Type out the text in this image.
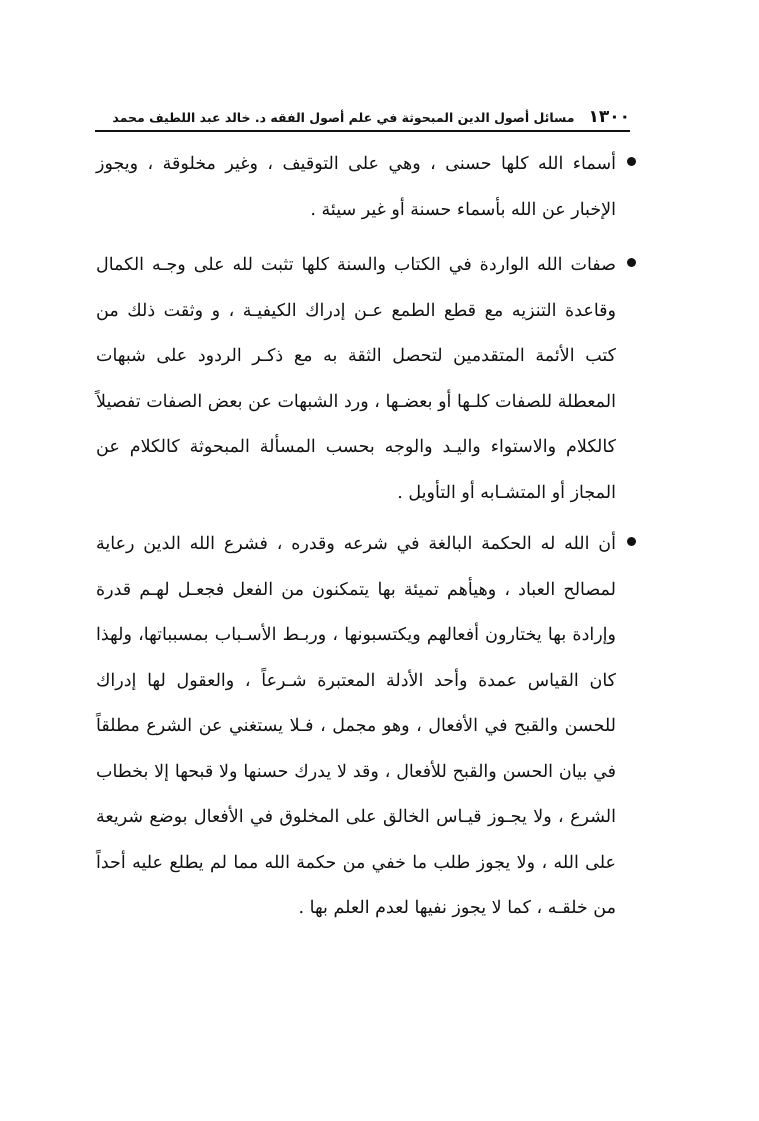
١٣٠٠
مسائل أصول الدين المبحوثة في علم أصول الفقه د. خالد عبد اللطيف محمد

أسماء الله كلها حسنى ، وهي على التوقيف ، وغير مخلوقة ، ويجوز الإخبار عن الله بأسماء حسنة أو غير سيئة .

صفات الله الواردة في الكتاب والسنة كلها تثبت لله على وجـه الكمال وقاعدة التنزيه مع قطع الطمع عـن إدراك الكيفيـة ، و وثقت ذلك من كتب الأئمة المتقدمين لتحصل الثقة به مع ذكـر الردود على شبهات المعطلة للصفات كلـها أو بعضـها ، ورد الشبهات عن بعض الصفات تفصيلاً كالكلام والاستواء واليـد والوجه بحسب المسألة المبحوثة كالكلام عن المجاز أو المتشـابه أو التأويل .

أن الله له الحكمة البالغة في شرعه وقدره ، فشرع الله الدين رعاية لمصالح العباد ، وهيأهم تميئة بها يتمكنون من الفعل فجعـل لهـم قدرة وإرادة بها يختارون أفعالهم ويكتسبونها ، وربـط الأسـباب بمسبباتها، ولهذا كان القياس عمدة وأحد الأدلة المعتبرة شـرعاً ، والعقول لها إدراك للحسن والقبح في الأفعال ، وهو مجمل ، فـلا يستغني عن الشرع مطلقاً في بيان الحسن والقبح للأفعال ، وقد لا يدرك حسنها ولا قبحها إلا بخطاب الشرع ، ولا يجـوز قيـاس الخالق على المخلوق في الأفعال بوضع شريعة على الله ، ولا يجوز طلب ما خفي من حكمة الله مما لم يطلع عليه أحداً من خلقـه ، كما لا يجوز نفيها لعدم العلم بها .
